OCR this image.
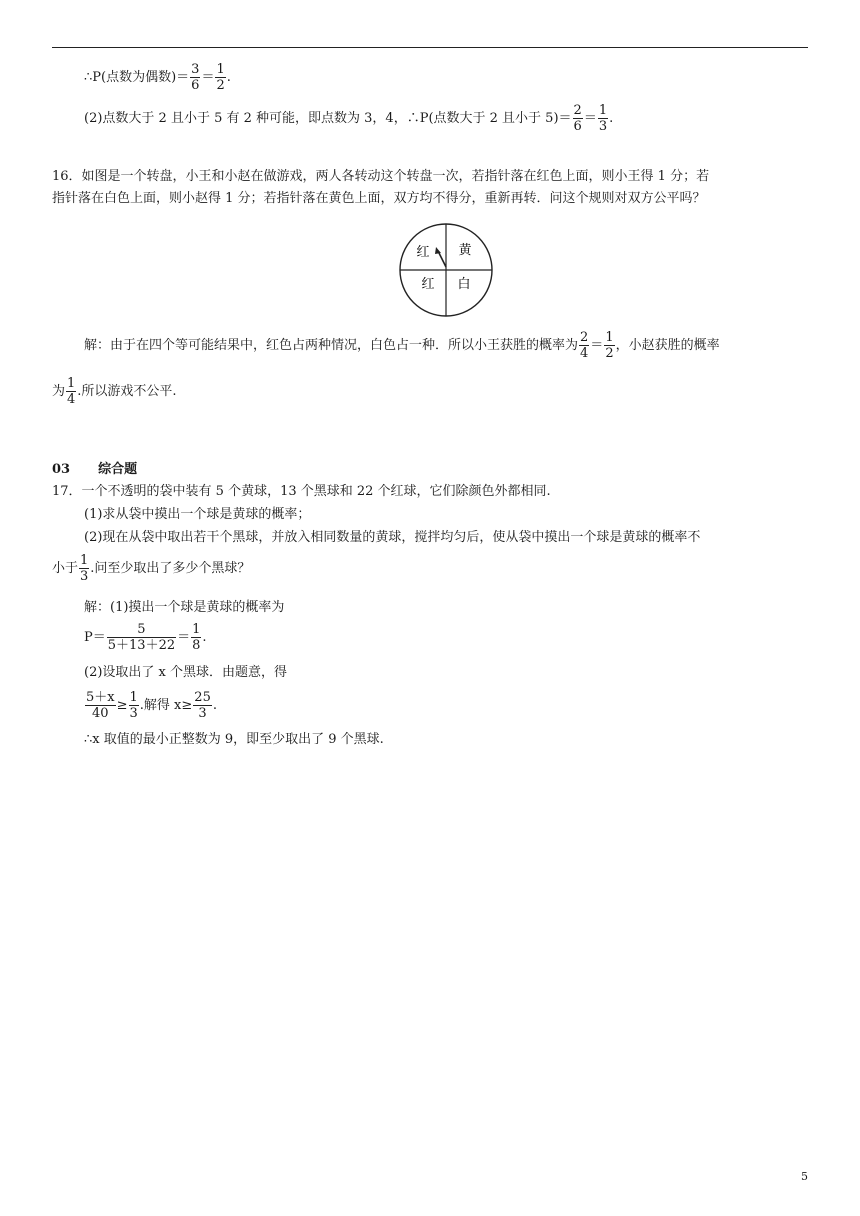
∴P(点数为偶数)＝ $\frac{3}{6} = \frac{1}{2}$ .
(2)点数大于 2 且小于 5 有 2 种可能，即点数为 3，4，∴P(点数大于 2 且小于 $5)= \frac{2}{6} = \frac{1}{3}$ .
16．如图是一个转盘，小王和小赵在做游戏，两人各转动这个转盘一次，若指针落在红色上面，则小王得 1 分；若
指针落在白色上面，则小赵得 1 分；若指针落在黄色上面，双方均不得分，重新再转．问这个规则对双方公平吗？
红 黄
红 白
解：由于在四个等可能结果中，红色占两种情况，白色占一种．所以小王获胜的概率为 $\frac{2}{4} = \frac{1}{2}$ ，小赵获胜的概率
为 $\frac{1}{4}$ .所以游戏不公平.
03 综合题
17．一个不透明的袋中装有 5 个黄球，13 个黑球和 22 个红球，它们除颜色外都相同.
(1)求从袋中摸出一个球是黄球的概率；
(2)现在从袋中取出若干个黑球，并放入相同数量的黄球，搅拌均匀后，使从袋中摸出一个球是黄球的概率不
小于 $\frac{1}{3}$ .问至少取出了多少个黑球？
解：(1)摸出一个球是黄球的概率为
$P= \frac{5}{5+13+22} = \frac{1}{8}$ .
(2)设取出了 x 个黑球．由题意，得
$\frac{5+x}{40} \ge \frac{1}{3}$ .解得 $x\ge \frac{25}{3}$ .
∴x 取值的最小正整数为 9，即至少取出了 9 个黑球.
5
